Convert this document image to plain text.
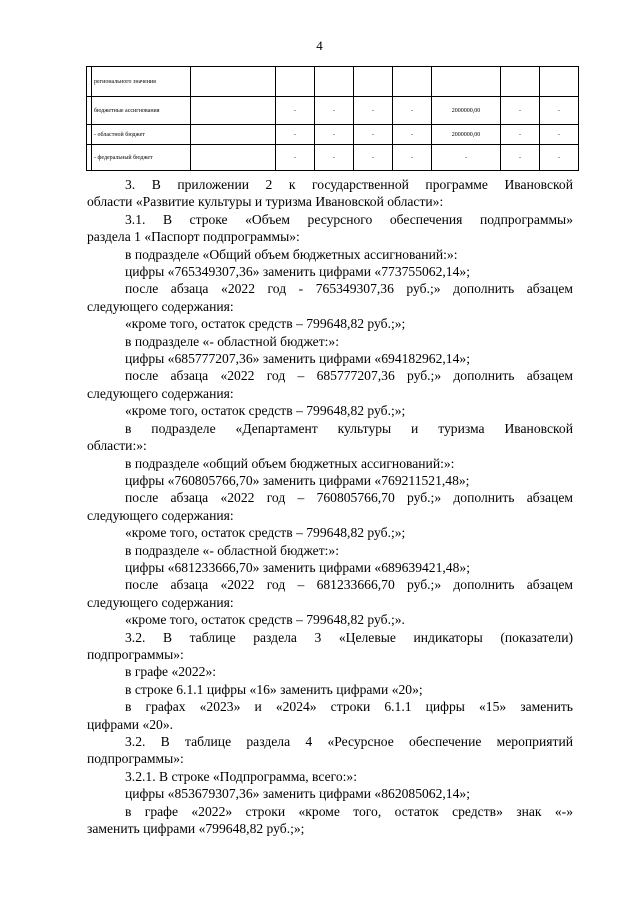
4
	регионального значения								
	бюджетные ассигнования		-	-	-	-	2000000,00	-	-
	- областной бюджет		-	-	-	-	2000000,00	-	-
	- федеральный бюджет		-	-	-	-	-	-	-

3. В приложении 2 к государственной программе Ивановской

области «Развитие культуры и туризма Ивановской области»:

3.1. В строке «Объем ресурсного обеспечения подпрограммы»

раздела 1 «Паспорт подпрограммы»:

в подразделе «Общий объем бюджетных ассигнований:»:

цифры «765349307,36» заменить цифрами «773755062,14»;

после абзаца «2022 год - 765349307,36 руб.;» дополнить абзацем

следующего содержания:

«кроме того, остаток средств – 799648,82 руб.;»;

в подразделе «- областной бюджет:»:

цифры «685777207,36» заменить цифрами «694182962,14»;

после абзаца «2022 год – 685777207,36 руб.;» дополнить абзацем

следующего содержания:

«кроме того, остаток средств – 799648,82 руб.;»;

в подразделе «Департамент культуры и туризма Ивановской

области:»:

в подразделе «общий объем бюджетных ассигнований:»:

цифры «760805766,70» заменить цифрами «769211521,48»;

после абзаца «2022 год – 760805766,70 руб.;» дополнить абзацем

следующего содержания:

«кроме того, остаток средств – 799648,82 руб.;»;

в подразделе «- областной бюджет:»:

цифры «681233666,70» заменить цифрами «689639421,48»;

после абзаца «2022 год – 681233666,70 руб.;» дополнить абзацем

следующего содержания:

«кроме того, остаток средств – 799648,82 руб.;».

3.2. В таблице раздела 3 «Целевые индикаторы (показатели)

подпрограммы»:

в графе «2022»:

в строке 6.1.1 цифры «16» заменить цифрами «20»;

в графах «2023» и «2024» строки 6.1.1 цифры «15» заменить

цифрами «20».

3.2. В таблице раздела 4 «Ресурсное обеспечение мероприятий

подпрограммы»:

3.2.1. В строке «Подпрограмма, всего:»:

цифры «853679307,36» заменить цифрами «862085062,14»;

в графе «2022» строки «кроме того, остаток средств» знак «-»

заменить цифрами «799648,82 руб.;»;
